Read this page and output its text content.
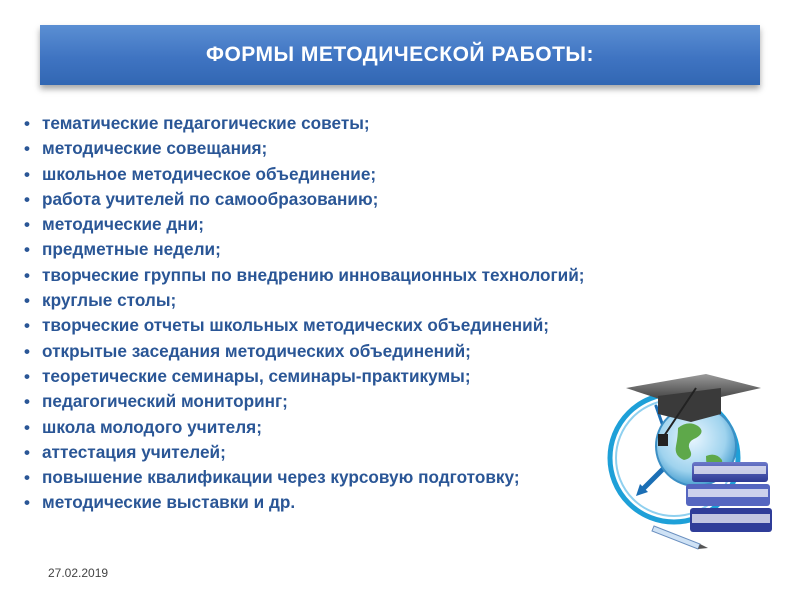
ФОРМЫ МЕТОДИЧЕСКОЙ РАБОТЫ:
• тематические педагогические советы;
• методические совещания;
• школьное методическое объединение;
• работа учителей по самообразованию;
• методические дни;
• предметные недели;
• творческие группы по внедрению инновационных технологий;
• круглые столы;
• творческие отчеты школьных методических объединений;
• открытые заседания методических объединений;
• теоретические семинары, семинары-практикумы;
• педагогический мониторинг;
• школа молодого учителя;
• аттестация учителей;
• повышение квалификации через курсовую подготовку;
• методические выставки и др.
27.02.2019
